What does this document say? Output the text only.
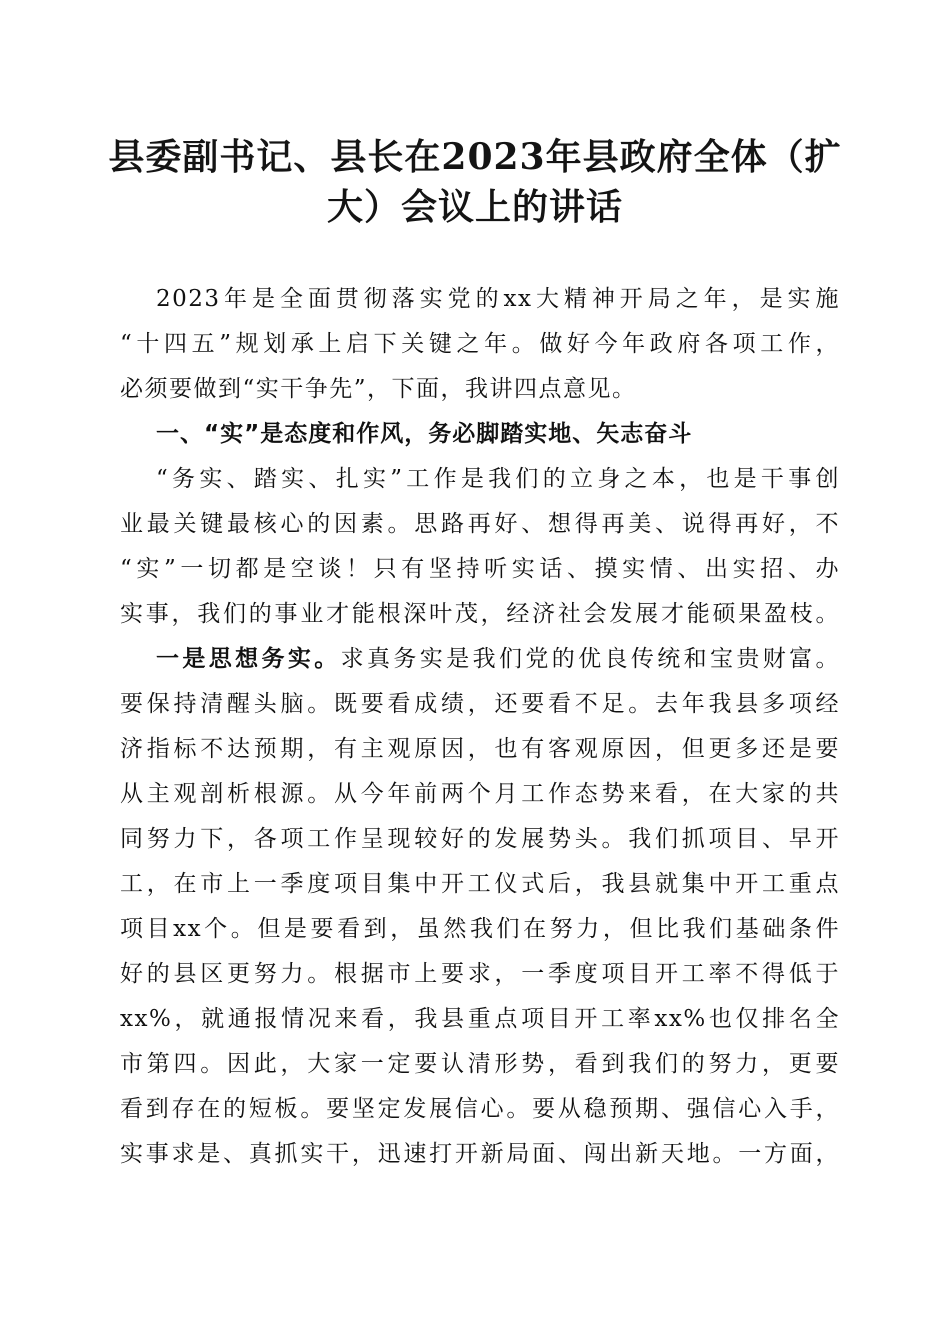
县委副书记、县长在2023年县政府全体（扩
大）会议上的讲话

2023年是全面贯彻落实党的xx大精神开局之年，是实施

“十四五”规划承上启下关键之年。做好今年政府各项工作，

必须要做到“实干争先”，下面，我讲四点意见。

一、“实”是态度和作风，务必脚踏实地、矢志奋斗

“务实、踏实、扎实”工作是我们的立身之本，也是干事创

业最关键最核心的因素。思路再好、想得再美、说得再好，不

“实”一切都是空谈！只有坚持听实话、摸实情、出实招、办

实事，我们的事业才能根深叶茂，经济社会发展才能硕果盈枝。

一是思想务实。求真务实是我们党的优良传统和宝贵财富。

要保持清醒头脑。既要看成绩，还要看不足。去年我县多项经

济指标不达预期，有主观原因，也有客观原因，但更多还是要

从主观剖析根源。从今年前两个月工作态势来看，在大家的共

同努力下，各项工作呈现较好的发展势头。我们抓项目、早开

工，在市上一季度项目集中开工仪式后，我县就集中开工重点

项目xx个。但是要看到，虽然我们在努力，但比我们基础条件

好的县区更努力。根据市上要求，一季度项目开工率不得低于

xx%，就通报情况来看，我县重点项目开工率xx%也仅排名全

市第四。因此，大家一定要认清形势，看到我们的努力，更要

看到存在的短板。要坚定发展信心。要从稳预期、强信心入手，

实事求是、真抓实干，迅速打开新局面、闯出新天地。一方面，
